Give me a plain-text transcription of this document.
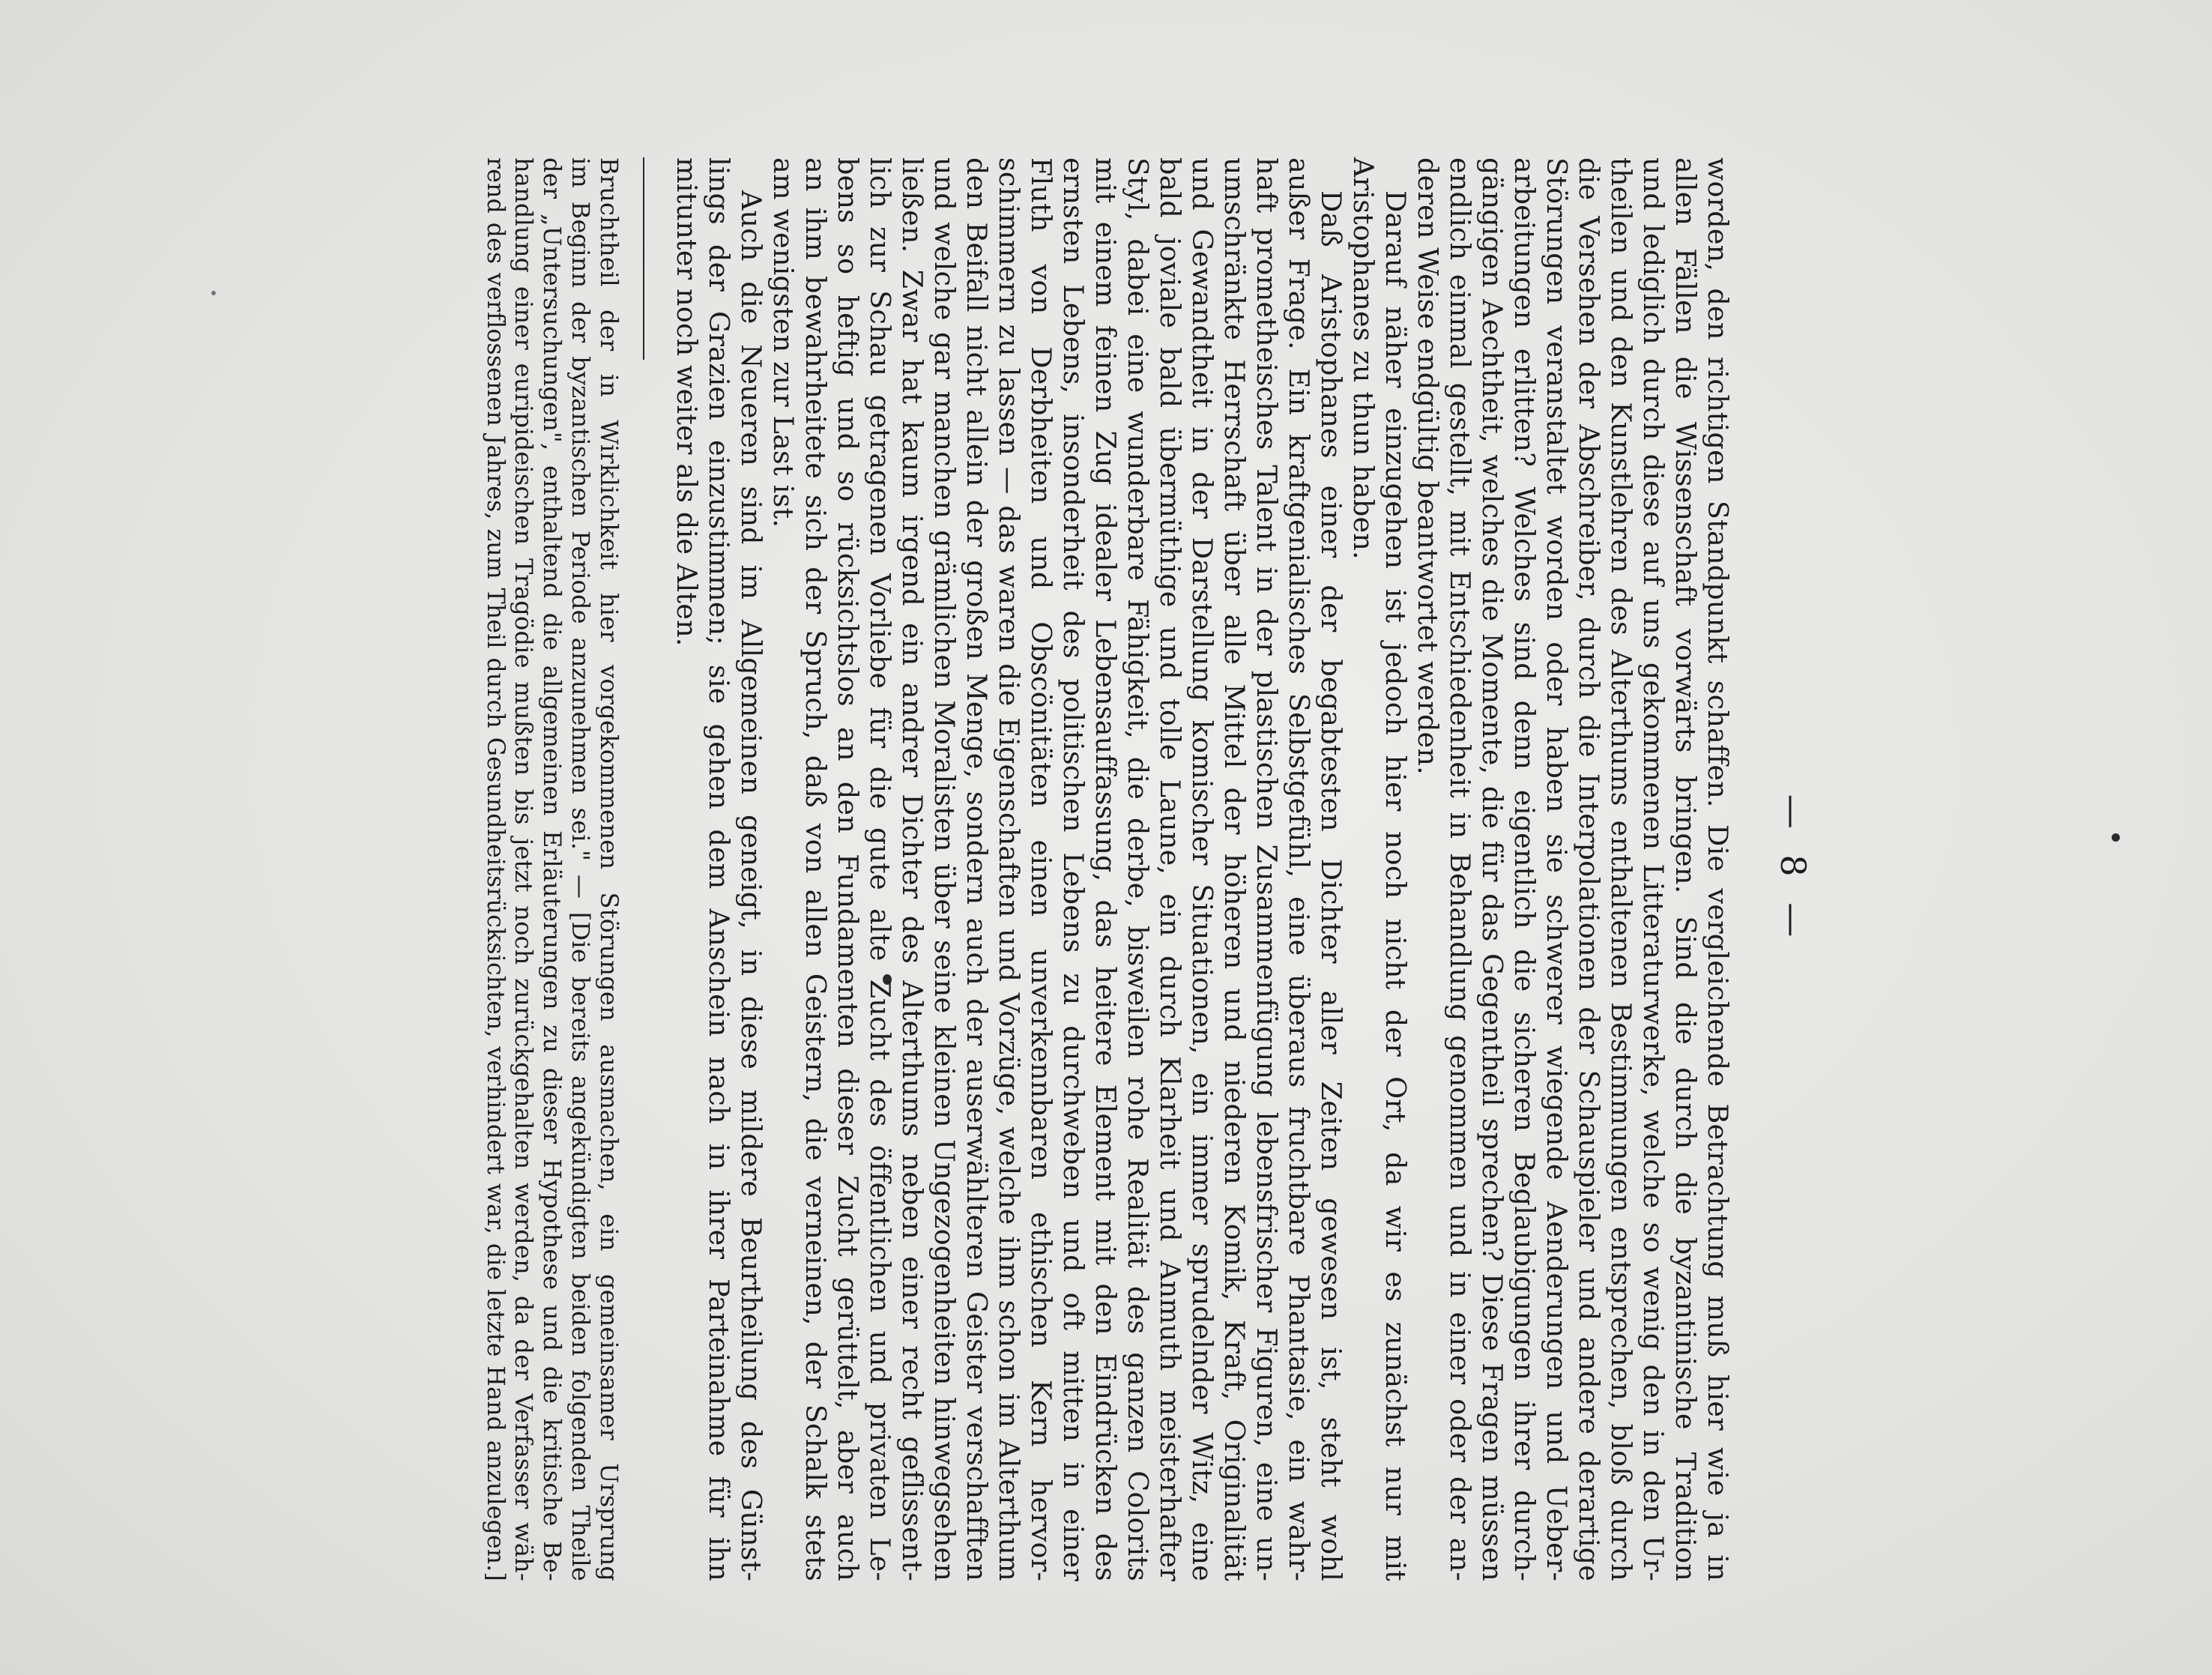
— 8 —
worden, den richtigen Standpunkt schaffen. Die vergleichende Betrachtung muß hier wie ja in
allen Fällen die Wissenschaft vorwärts bringen. Sind die durch die byzantinische Tradition
und lediglich durch diese auf uns gekommenen Litteraturwerke, welche so wenig den in den Ur-
theilen und den Kunstlehren des Alterthums enthaltenen Bestimmungen entsprechen, bloß durch
die Versehen der Abschreiber, durch die Interpolationen der Schauspieler und andere derartige
Störungen veranstaltet worden oder haben sie schwerer wiegende Aenderungen und Ueber-
arbeitungen erlitten? Welches sind denn eigentlich die sicheren Beglaubigungen ihrer durch-
gängigen Aechtheit, welches die Momente, die für das Gegentheil sprechen? Diese Fragen müssen
endlich einmal gestellt, mit Entschiedenheit in Behandlung genommen und in einer oder der an-
deren Weise endgültig beantwortet werden.
Darauf näher einzugehen ist jedoch hier noch nicht der Ort, da wir es zunächst nur mit
Aristophanes zu thun haben.
Daß Aristophanes einer der begabtesten Dichter aller Zeiten gewesen ist, steht wohl
außer Frage. Ein kraftgenialisches Selbstgefühl, eine überaus fruchtbare Phantasie, ein wahr-
haft prometheisches Talent in der plastischen Zusammenfügung lebensfrischer Figuren, eine un-
umschränkte Herrschaft über alle Mittel der höheren und niederen Komik, Kraft, Originalität
und Gewandtheit in der Darstellung komischer Situationen, ein immer sprudelnder Witz, eine
bald joviale bald übermüthige und tolle Laune, ein durch Klarheit und Anmuth meisterhafter
Styl, dabei eine wunderbare Fähigkeit, die derbe, bisweilen rohe Realität des ganzen Colorits
mit einem feinen Zug idealer Lebensauffassung, das heitere Element mit den Eindrücken des
ernsten Lebens, insonderheit des politischen Lebens zu durchweben und oft mitten in einer
Fluth von Derbheiten und Obscönitäten einen unverkennbaren ethischen Kern hervor-
schimmern zu lassen — das waren die Eigenschaften und Vorzüge, welche ihm schon im Alterthum
den Beifall nicht allein der großen Menge, sondern auch der auserwählteren Geister verschafften
und welche gar manchen grämlichen Moralisten über seine kleinen Ungezogenheiten hinwegsehen
ließen. Zwar hat kaum irgend ein andrer Dichter des Alterthums neben einer recht geflissent-
lich zur Schau getragenen Vorliebe für die gute alte Zucht des öffentlichen und privaten Le-
bens so heftig und so rücksichtslos an den Fundamenten dieser Zucht gerüttelt, aber auch
an ihm bewahrheitete sich der Spruch, daß von allen Geistern, die verneinen, der Schalk stets
am wenigsten zur Last ist.
Auch die Neueren sind im Allgemeinen geneigt, in diese mildere Beurtheilung des Günst-
lings der Grazien einzustimmen; sie gehen dem Anschein nach in ihrer Parteinahme für ihn
mitunter noch weiter als die Alten.
Bruchtheil der in Wirklichkeit hier vorgekommenen Störungen ausmachen, ein gemeinsamer Ursprung
im Beginn der byzantischen Periode anzunehmen sei." — [Die bereits angekündigten beiden folgenden Theile
der „Untersuchungen", enthaltend die allgemeinen Erläuterungen zu dieser Hypothese und die kritische Be-
handlung einer euripideischen Tragödie mußten bis jetzt noch zurückgehalten werden, da der Verfasser wäh-
rend des verflossenen Jahres, zum Theil durch Gesundheitsrücksichten, verhindert war, die letzte Hand anzulegen.]
